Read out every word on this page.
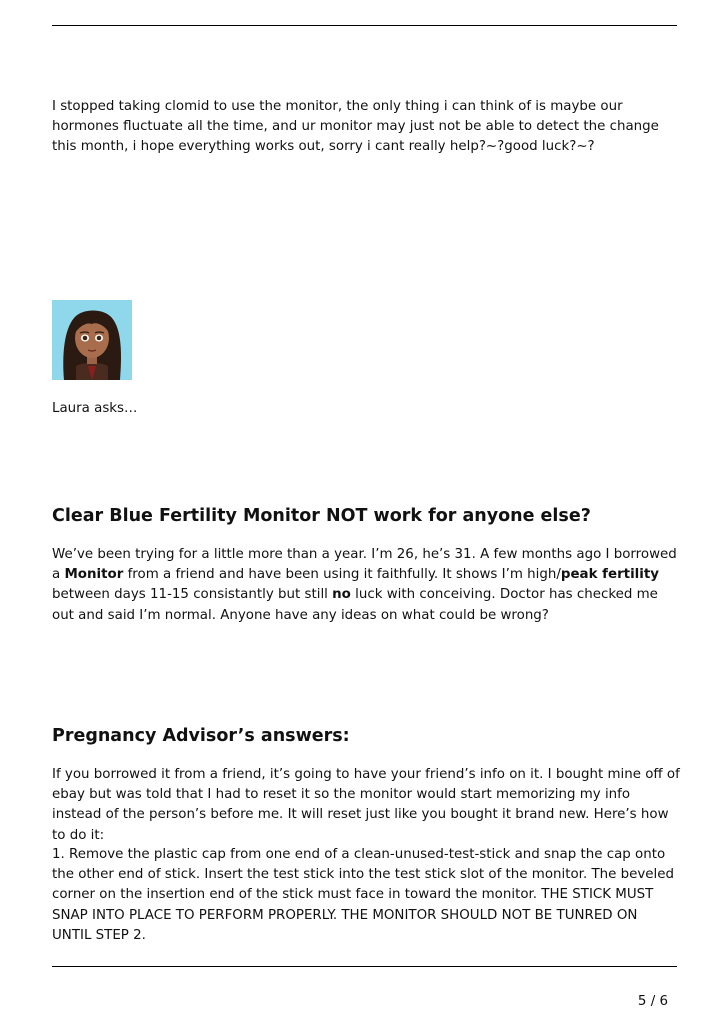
I stopped taking clomid to use the monitor, the only thing i can think of is maybe our hormones fluctuate all the time, and ur monitor may just not be able to detect the change this month, i hope everything works out, sorry i cant really help?~?good luck?~?

Laura asks…

Clear Blue Fertility Monitor NOT work for anyone else?

We’ve been trying for a little more than a year. I’m 26, he’s 31. A few months ago I borrowed a Monitor from a friend and have been using it faithfully. It shows I’m high/peak fertility between days 11-15 consistantly but still no luck with conceiving. Doctor has checked me out and said I’m normal. Anyone have any ideas on what could be wrong?

Pregnancy Advisor’s answers:

If you borrowed it from a friend, it’s going to have your friend’s info on it. I bought mine off of ebay but was told that I had to reset it so the monitor would start memorizing my info instead of the person’s before me. It will reset just like you bought it brand new. Here’s how to do it:

1. Remove the plastic cap from one end of a clean-unused-test-stick and snap the cap onto the other end of stick. Insert the test stick into the test stick slot of the monitor. The beveled corner on the insertion end of the stick must face in toward the monitor. THE STICK MUST SNAP INTO PLACE TO PERFORM PROPERLY. THE MONITOR SHOULD NOT BE TUNRED ON UNTIL STEP 2.

5 / 6
